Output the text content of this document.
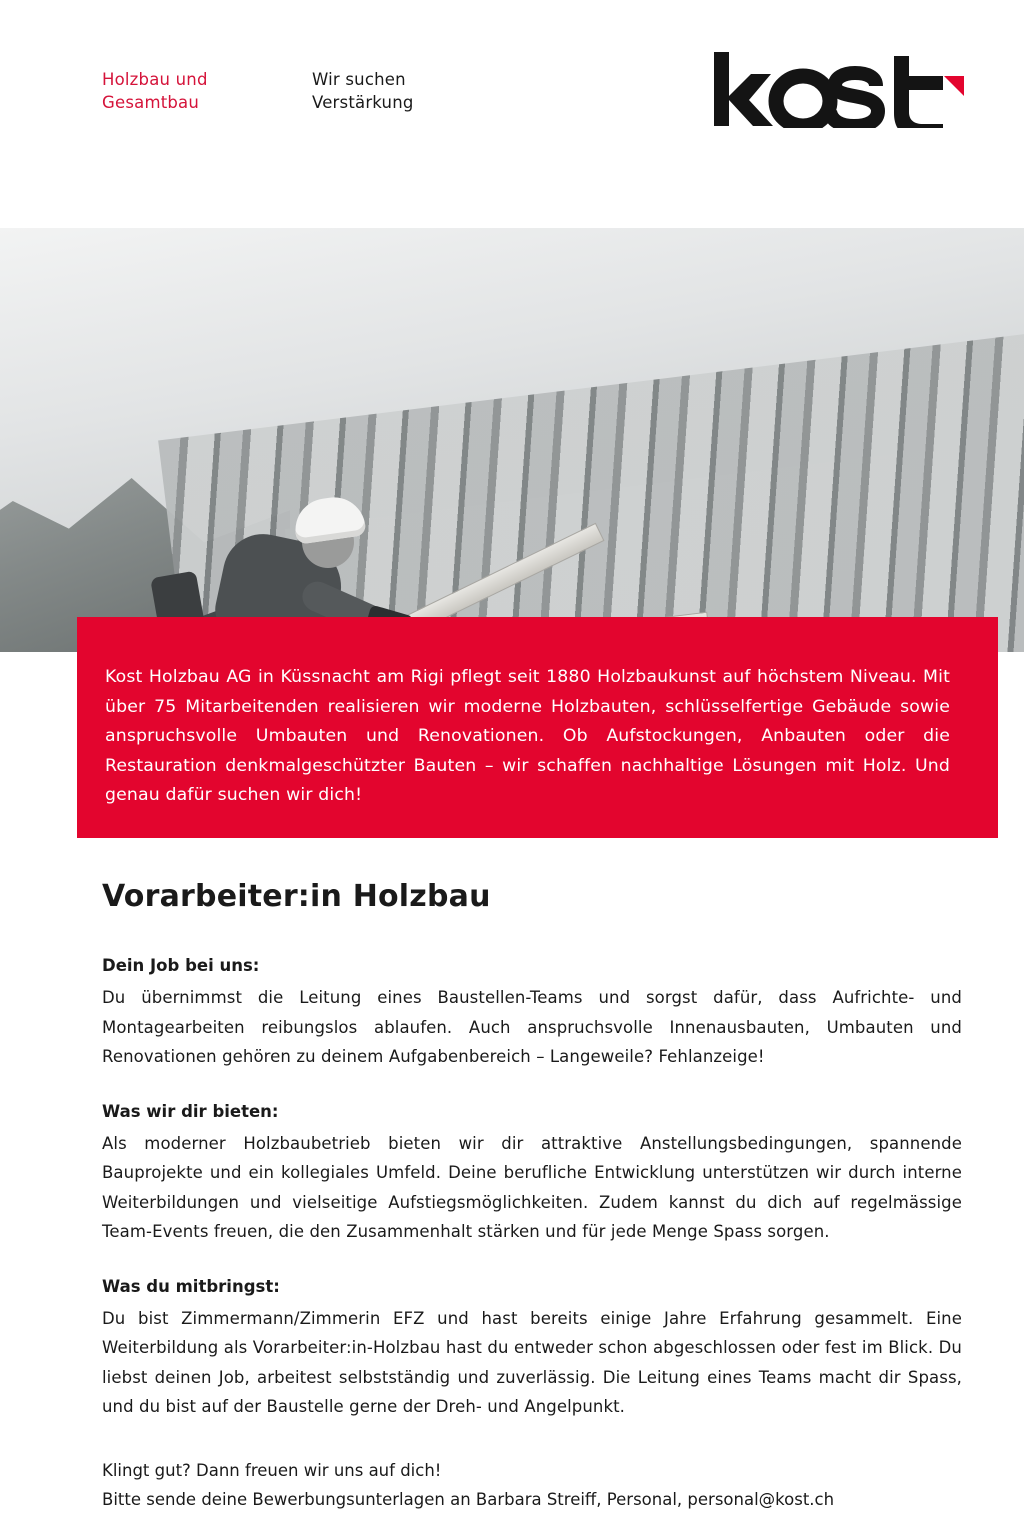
Holzbau und
Gesamtbau
Wir suchen
Verstärkung

Kost Holzbau AG in Küssnacht am Rigi pflegt seit 1880 Holzbaukunst auf höchstem Niveau. Mit über 75 Mitarbeitenden realisieren wir moderne Holzbauten, schlüsselfertige Gebäude sowie anspruchsvolle Umbauten und Renovationen. Ob Aufstockungen, Anbauten oder die Restauration denkmalgeschützter Bauten – wir schaffen nachhaltige Lösungen mit Holz. Und genau dafür suchen wir dich!

Vorarbeiter:in Holzbau

Dein Job bei uns:

Du übernimmst die Leitung eines Baustellen-Teams und sorgst dafür, dass Aufrichte- und Montagearbeiten reibungslos ablaufen. Auch anspruchsvolle Innenausbauten, Umbauten und Renovationen gehören zu deinem Aufgabenbereich – Langeweile? Fehlanzeige!

Was wir dir bieten:

Als moderner Holzbaubetrieb bieten wir dir attraktive Anstellungsbedingungen, spannende Bauprojekte und ein kollegiales Umfeld. Deine berufliche Entwicklung unterstützen wir durch interne Weiterbildungen und vielseitige Aufstiegsmöglichkeiten. Zudem kannst du dich auf regelmässige Team-Events freuen, die den Zusammenhalt stärken und für jede Menge Spass sorgen.

Was du mitbringst:

Du bist Zimmermann/Zimmerin EFZ und hast bereits einige Jahre Erfahrung gesammelt. Eine Weiterbildung als Vorarbeiter:in-Holzbau hast du entweder schon abgeschlossen oder fest im Blick. Du liebst deinen Job, arbeitest selbstständig und zuverlässig. Die Leitung eines Teams macht dir Spass, und du bist auf der Baustelle gerne der Dreh- und Angelpunkt.

Klingt gut? Dann freuen wir uns auf dich!

Bitte sende deine Bewerbungsunterlagen an Barbara Streiff, Personal, personal@kost.ch
